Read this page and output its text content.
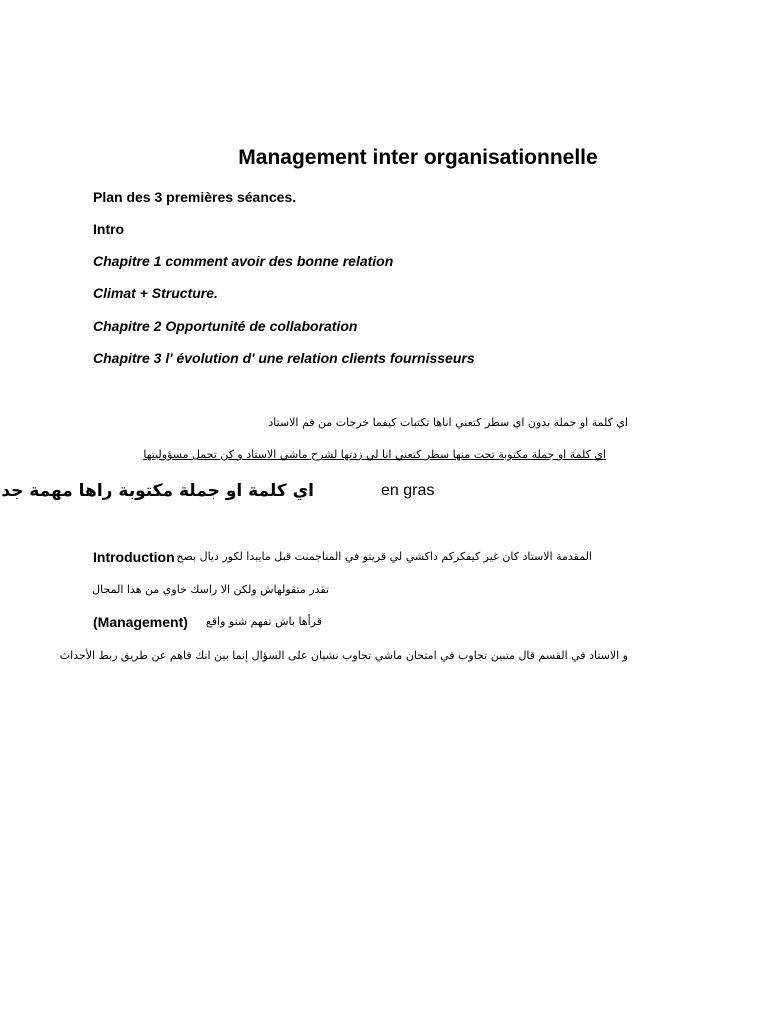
Management inter organisationnelle
Plan des 3 premières séances.
Intro
Chapitre 1 comment avoir des bonne relation
Climat + Structure.
Chapitre 2 Opportunité de collaboration
Chapitre 3 l' évolution d' une relation clients fournisseurs
اي كلمة او جملة بدون اي سطر كتعني اناها تكتبات كيفما خرجات من فم الاستاد
اي كلمة او جملة مكتوبة تحت منها سطر كتعني انا لي زدتها لشرح ماشي الاستاد و كن تحمل مسؤوليتها
اي كلمة او جملة مكتوبة راها مهمة جد	en gras
Introduction المقدمة الاستاد كان غير كيفكركم داكشي لي قريتو في المناجمنت قبل مايبدا لكور ديال بصح
تقدر متقولهاش ولكن الا راسك خاوي من هذا المجال
(Management) قرأها باش تفهم شنو واقع
و الاستاد في القسم قال متبين تجاوب في امتحان ماشي تجاوب نشيان على السؤال إنما بين انك فاهم عن طريق ربط الأحداث
